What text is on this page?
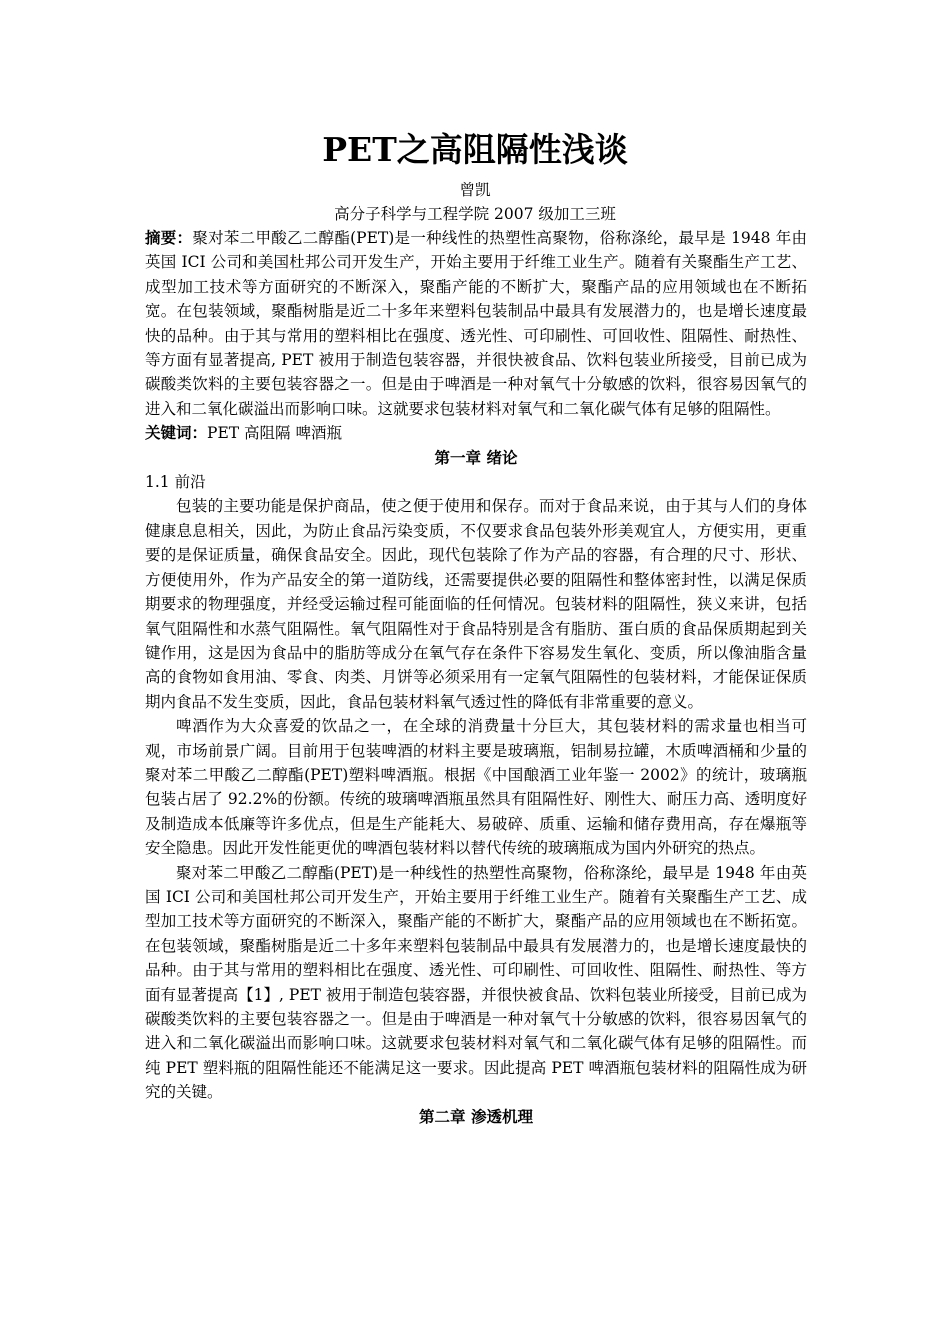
PET之高阻隔性浅谈
曾凯
高分子科学与工程学院 2007 级加工三班

摘要：聚对苯二甲酸乙二醇酯(PET)是一种线性的热塑性高聚物，俗称涤纶，最早是 1948 年由英国 ICI 公司和美国杜邦公司开发生产，开始主要用于纤维工业生产。随着有关聚酯生产工艺、成型加工技术等方面研究的不断深入，聚酯产能的不断扩大，聚酯产品的应用领域也在不断拓宽。在包装领域，聚酯树脂是近二十多年来塑料包装制品中最具有发展潜力的，也是增长速度最快的品种。由于其与常用的塑料相比在强度、透光性、可印刷性、可回收性、阻隔性、耐热性、等方面有显著提高, PET 被用于制造包装容器，并很快被食品、饮料包装业所接受，目前已成为碳酸类饮料的主要包装容器之一。但是由于啤酒是一种对氧气十分敏感的饮料，很容易因氧气的进入和二氧化碳溢出而影响口味。这就要求包装材料对氧气和二氧化碳气体有足够的阻隔性。

关键词：PET 高阻隔 啤酒瓶

第一章 绪论

1.1 前沿

包装的主要功能是保护商品，使之便于使用和保存。而对于食品来说，由于其与人们的身体健康息息相关，因此，为防止食品污染变质，不仅要求食品包装外形美观宜人，方便实用，更重要的是保证质量，确保食品安全。因此，现代包装除了作为产品的容器，有合理的尺寸、形状、方便使用外，作为产品安全的第一道防线，还需要提供必要的阻隔性和整体密封性，以满足保质期要求的物理强度，并经受运输过程可能面临的任何情况。包装材料的阻隔性，狭义来讲，包括氧气阻隔性和水蒸气阻隔性。氧气阻隔性对于食品特别是含有脂肪、蛋白质的食品保质期起到关键作用，这是因为食品中的脂肪等成分在氧气存在条件下容易发生氧化、变质，所以像油脂含量高的食物如食用油、零食、肉类、月饼等必须采用有一定氧气阻隔性的包装材料，才能保证保质期内食品不发生变质，因此，食品包装材料氧气透过性的降低有非常重要的意义。

啤酒作为大众喜爱的饮品之一，在全球的消费量十分巨大，其包装材料的需求量也相当可观，市场前景广阔。目前用于包装啤酒的材料主要是玻璃瓶，铝制易拉罐，木质啤酒桶和少量的聚对苯二甲酸乙二醇酯(PET)塑料啤酒瓶。根据《中国酿酒工业年鉴一 2002》的统计，玻璃瓶包装占居了 92.2%的份额。传统的玻璃啤酒瓶虽然具有阻隔性好、刚性大、耐压力高、透明度好及制造成本低廉等许多优点，但是生产能耗大、易破碎、质重、运输和储存费用高，存在爆瓶等安全隐患。因此开发性能更优的啤酒包装材料以替代传统的玻璃瓶成为国内外研究的热点。

聚对苯二甲酸乙二醇酯(PET)是一种线性的热塑性高聚物，俗称涤纶，最早是 1948 年由英国 ICI 公司和美国杜邦公司开发生产，开始主要用于纤维工业生产。随着有关聚酯生产工艺、成型加工技术等方面研究的不断深入，聚酯产能的不断扩大，聚酯产品的应用领域也在不断拓宽。在包装领域，聚酯树脂是近二十多年来塑料包装制品中最具有发展潜力的，也是增长速度最快的品种。由于其与常用的塑料相比在强度、透光性、可印刷性、可回收性、阻隔性、耐热性、等方面有显著提高【1】, PET 被用于制造包装容器，并很快被食品、饮料包装业所接受，目前已成为碳酸类饮料的主要包装容器之一。但是由于啤酒是一种对氧气十分敏感的饮料，很容易因氧气的进入和二氧化碳溢出而影响口味。这就要求包装材料对氧气和二氧化碳气体有足够的阻隔性。而纯 PET 塑料瓶的阻隔性能还不能满足这一要求。因此提高 PET 啤酒瓶包装材料的阻隔性成为研究的关键。

第二章 渗透机理
